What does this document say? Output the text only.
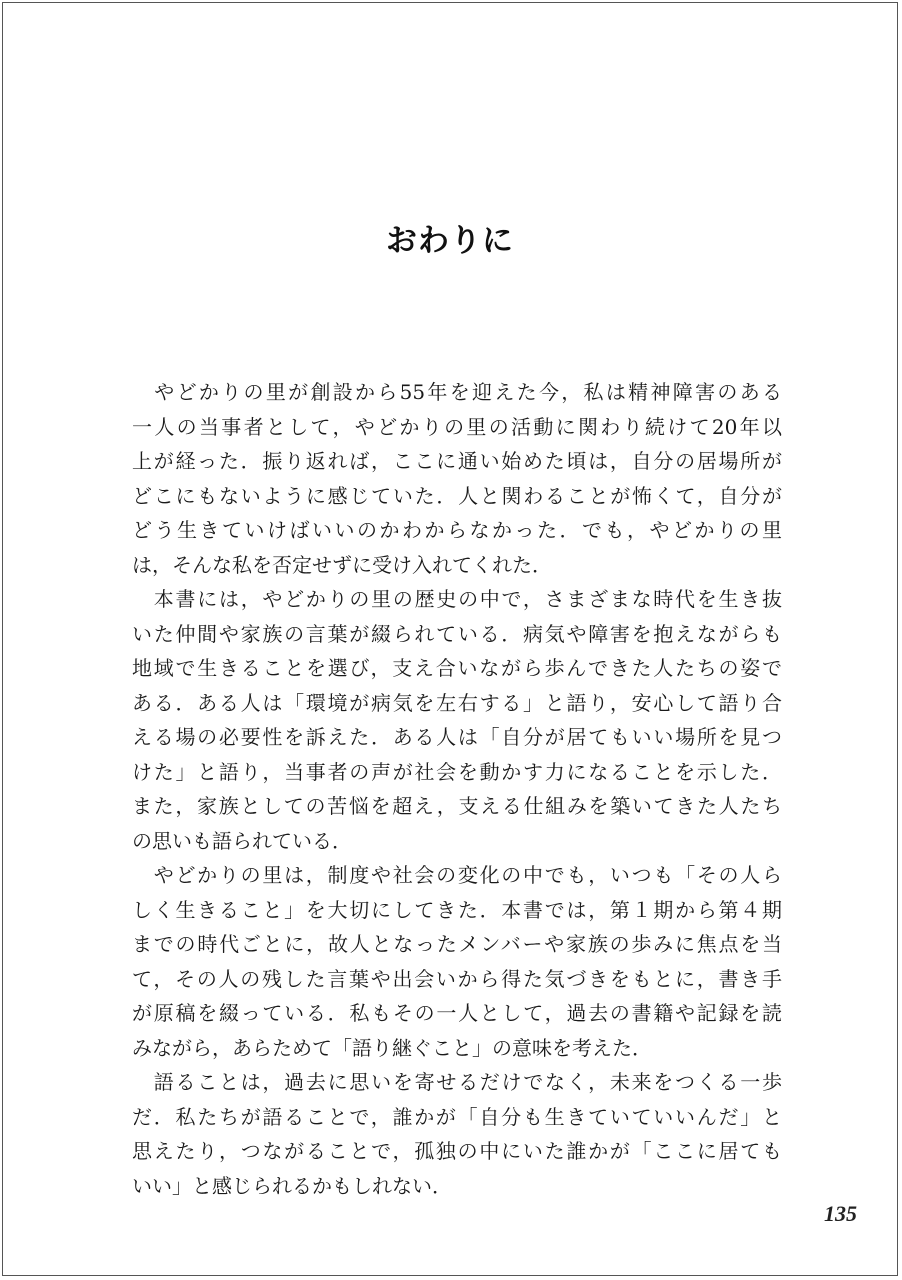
おわりに
　やどかりの里が創設から55年を迎えた今，私は精神障害のある
一人の当事者として，やどかりの里の活動に関わり続けて20年以
上が経った．振り返れば，ここに通い始めた頃は，自分の居場所が
どこにもないように感じていた．人と関わることが怖くて，自分が
どう生きていけばいいのかわからなかった．でも，やどかりの里
は，そんな私を否定せずに受け入れてくれた．
　本書には，やどかりの里の歴史の中で，さまざまな時代を生き抜
いた仲間や家族の言葉が綴られている．病気や障害を抱えながらも
地域で生きることを選び，支え合いながら歩んできた人たちの姿で
ある．ある人は「環境が病気を左右する」と語り，安心して語り合
える場の必要性を訴えた．ある人は「自分が居てもいい場所を見つ
けた」と語り，当事者の声が社会を動かす力になることを示した．
また，家族としての苦悩を超え，支える仕組みを築いてきた人たち
の思いも語られている．
　やどかりの里は，制度や社会の変化の中でも，いつも「その人ら
しく生きること」を大切にしてきた．本書では，第１期から第４期
までの時代ごとに，故人となったメンバーや家族の歩みに焦点を当
て，その人の残した言葉や出会いから得た気づきをもとに，書き手
が原稿を綴っている．私もその一人として，過去の書籍や記録を読
みながら，あらためて「語り継ぐこと」の意味を考えた．
　語ることは，過去に思いを寄せるだけでなく，未来をつくる一歩
だ．私たちが語ることで，誰かが「自分も生きていていいんだ」と
思えたり，つながることで，孤独の中にいた誰かが「ここに居ても
いい」と感じられるかもしれない．
135
